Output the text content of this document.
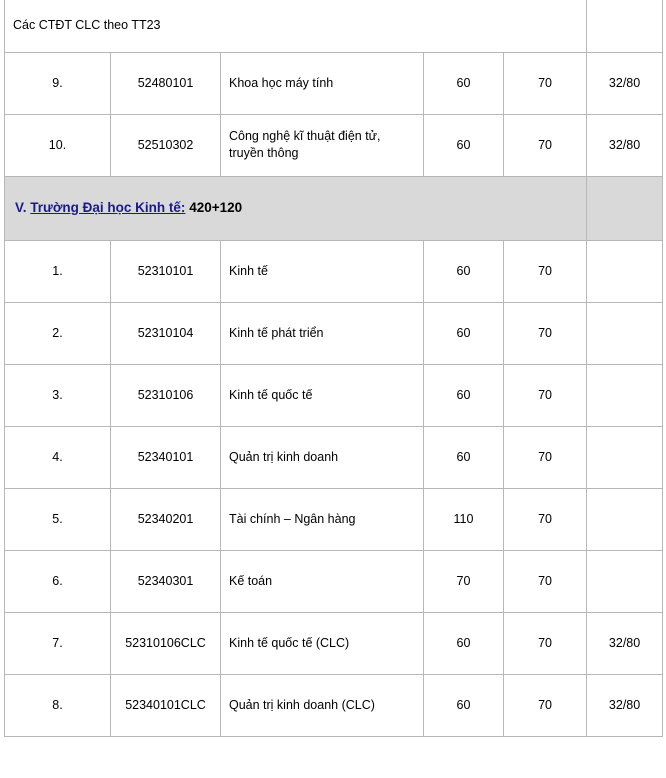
Các CTĐT CLC theo TT23					
9.	52480101	Khoa học máy tính	60	70	32/80
10.	52510302	Công nghệ kĩ thuật điện tử, truyền thông	60	70	32/80
V. Trường Đại học Kinh tế: 420+120					
1.	52310101	Kinh tế	60	70	
2.	52310104	Kinh tế phát triển	60	70	
3.	52310106	Kinh tế quốc tế	60	70	
4.	52340101	Quản trị kinh doanh	60	70	
5.	52340201	Tài chính – Ngân hàng	110	70	
6.	52340301	Kế toán	70	70	
7.	52310106CLC	Kinh tế quốc tế (CLC)	60	70	32/80
8.	52340101CLC	Quản trị kinh doanh (CLC)	60	70	32/80
